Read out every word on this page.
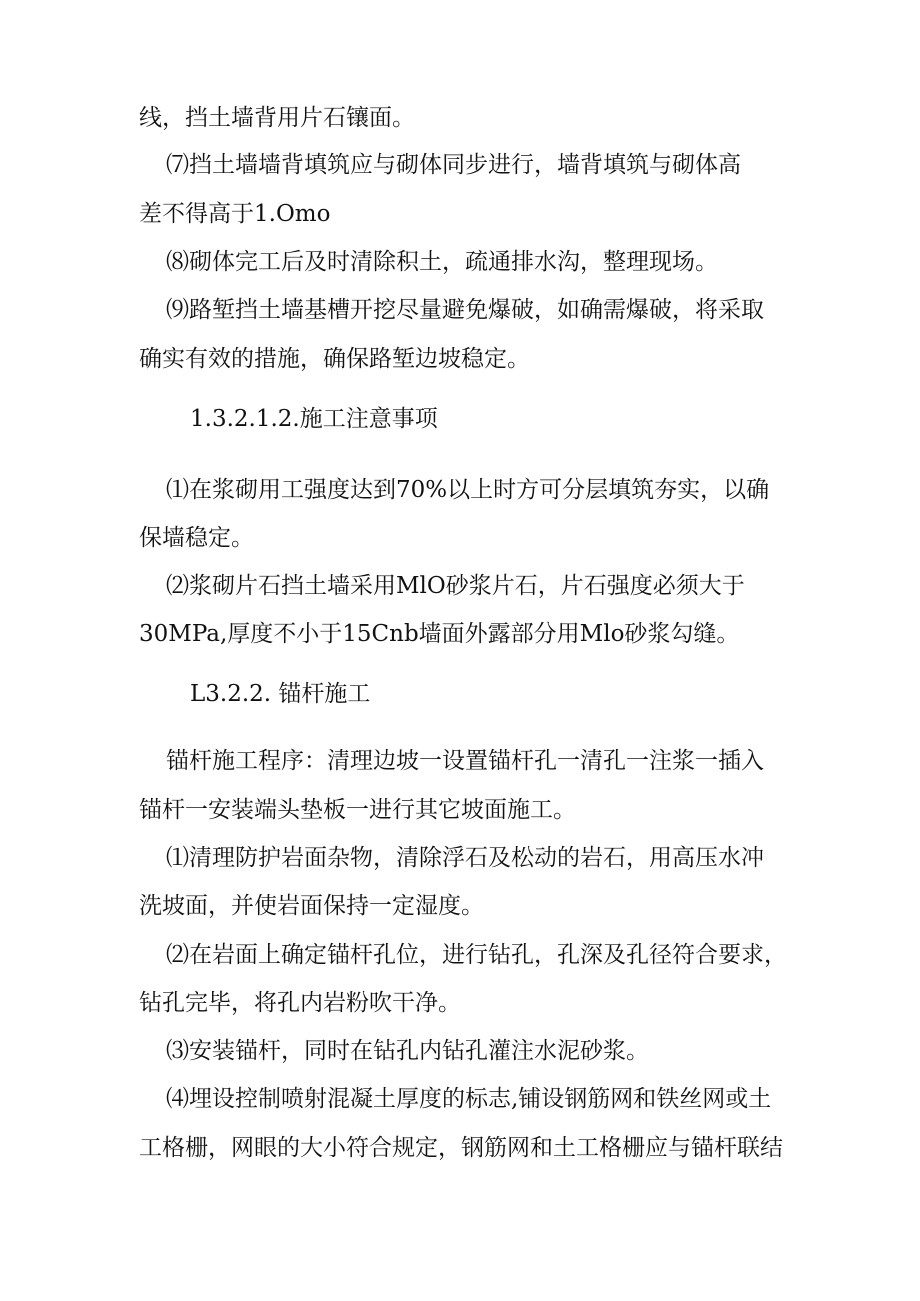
线，挡土墙背用片石镶面。
⑺挡土墙墙背填筑应与砌体同步进行，墙背填筑与砌体高
差不得高于1.Omo
⑻砌体完工后及时清除积土，疏通排水沟，整理现场。
⑼路堑挡土墙基槽开挖尽量避免爆破，如确需爆破，将采取
确实有效的措施，确保路堑边坡稳定。
1.3.2.1.2.施工注意事项
⑴在浆砌用工强度达到70%以上时方可分层填筑夯实，以确
保墙稳定。
⑵浆砌片石挡土墙采用MlO砂浆片石，片石强度必须大于
30MPa,厚度不小于15Cnb墙面外露部分用Mlo砂浆勾缝。
L3.2.2. 锚杆施工
锚杆施工程序：清理边坡一设置锚杆孔一清孔一注浆一插入
锚杆一安装端头垫板一进行其它坡面施工。
⑴清理防护岩面杂物，清除浮石及松动的岩石，用高压水冲
洗坡面，并使岩面保持一定湿度。
⑵在岩面上确定锚杆孔位，进行钻孔，孔深及孔径符合要求，
钻孔完毕，将孔内岩粉吹干净。
⑶安装锚杆，同时在钻孔内钻孔灌注水泥砂浆。
⑷埋设控制喷射混凝土厚度的标志,铺设钢筋网和铁丝网或土
工格栅，网眼的大小符合规定，钢筋网和土工格栅应与锚杆联结
